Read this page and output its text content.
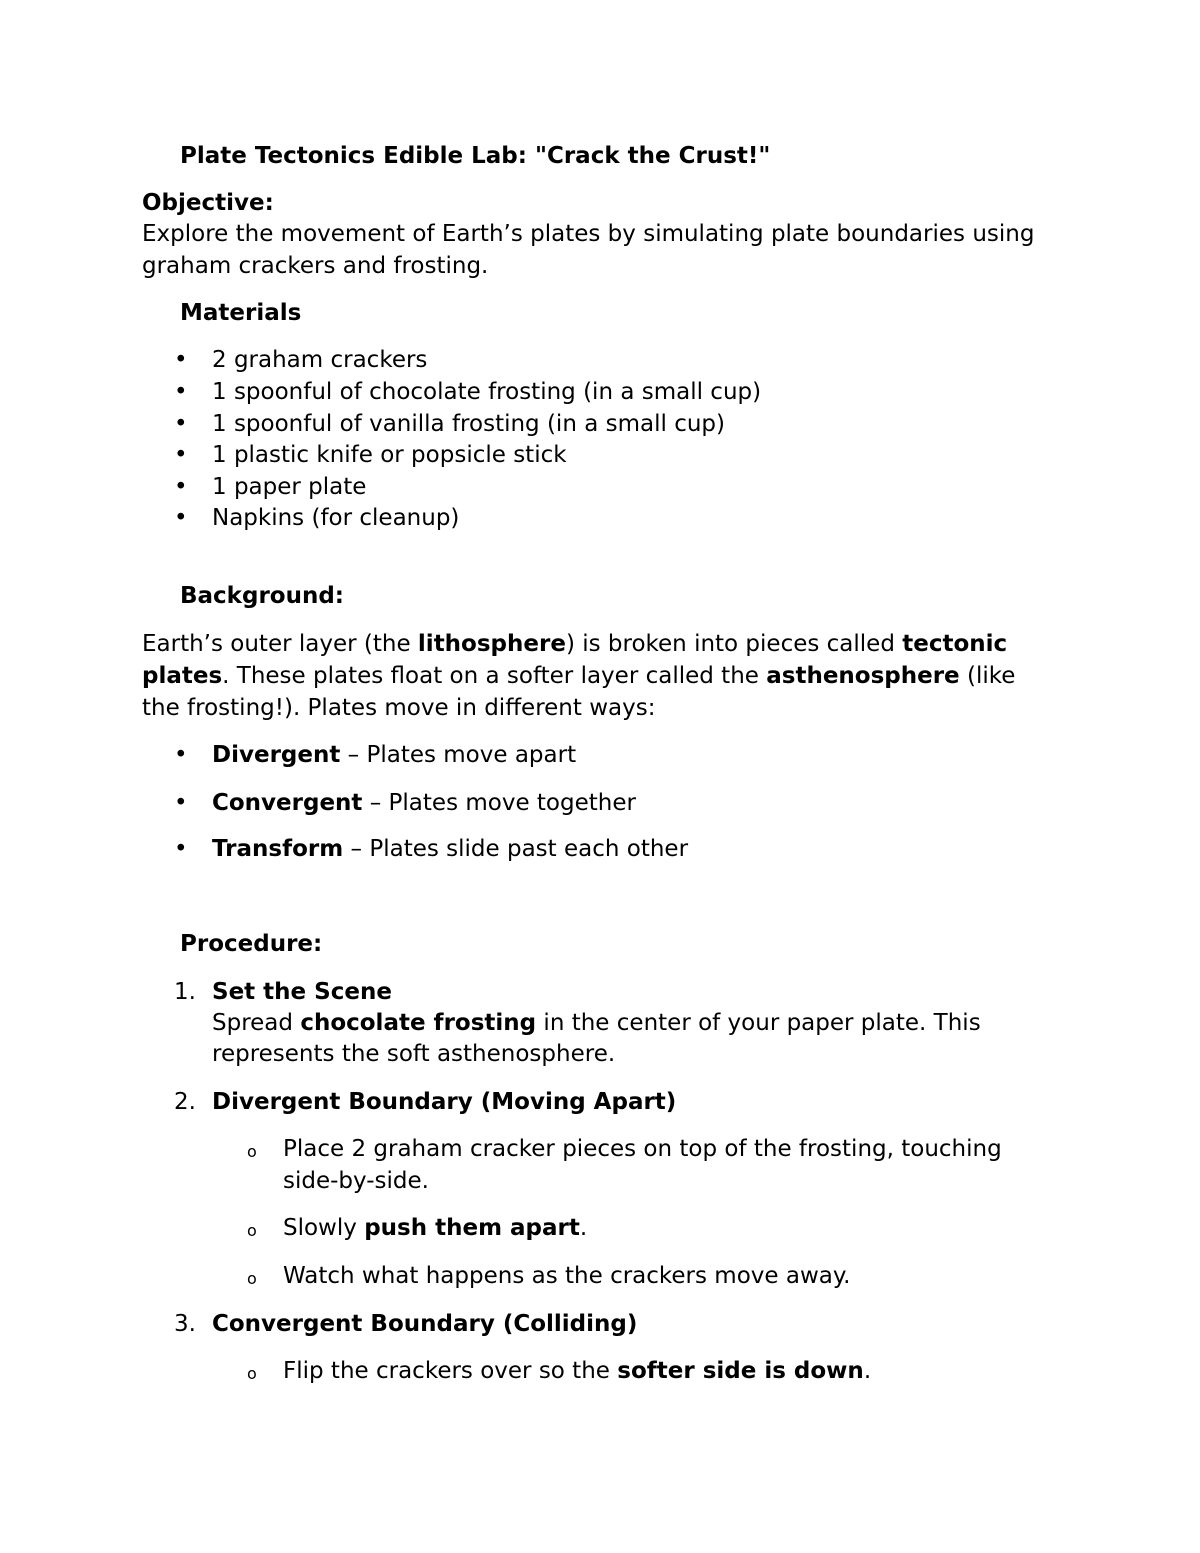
Plate Tectonics Edible Lab: "Crack the Crust!"
Objective:
Explore the movement of Earth’s plates by simulating plate boundaries using graham crackers and frosting.
Materials
• 2 graham crackers
• 1 spoonful of chocolate frosting (in a small cup)
• 1 spoonful of vanilla frosting (in a small cup)
• 1 plastic knife or popsicle stick
• 1 paper plate
• Napkins (for cleanup)
Background:
Earth’s outer layer (the lithosphere) is broken into pieces called tectonic
plates. These plates float on a softer layer called the asthenosphere (like
the frosting!). Plates move in different ways:
• Divergent – Plates move apart
• Convergent – Plates move together
• Transform – Plates slide past each other
Procedure:
1. Set the Scene
Spread chocolate frosting in the center of your paper plate. This
represents the soft asthenosphere.
2. Divergent Boundary (Moving Apart)
o Place 2 graham cracker pieces on top of the frosting, touching
side-by-side.
o Slowly push them apart.
o Watch what happens as the crackers move away.
3. Convergent Boundary (Colliding)
o Flip the crackers over so the softer side is down.
